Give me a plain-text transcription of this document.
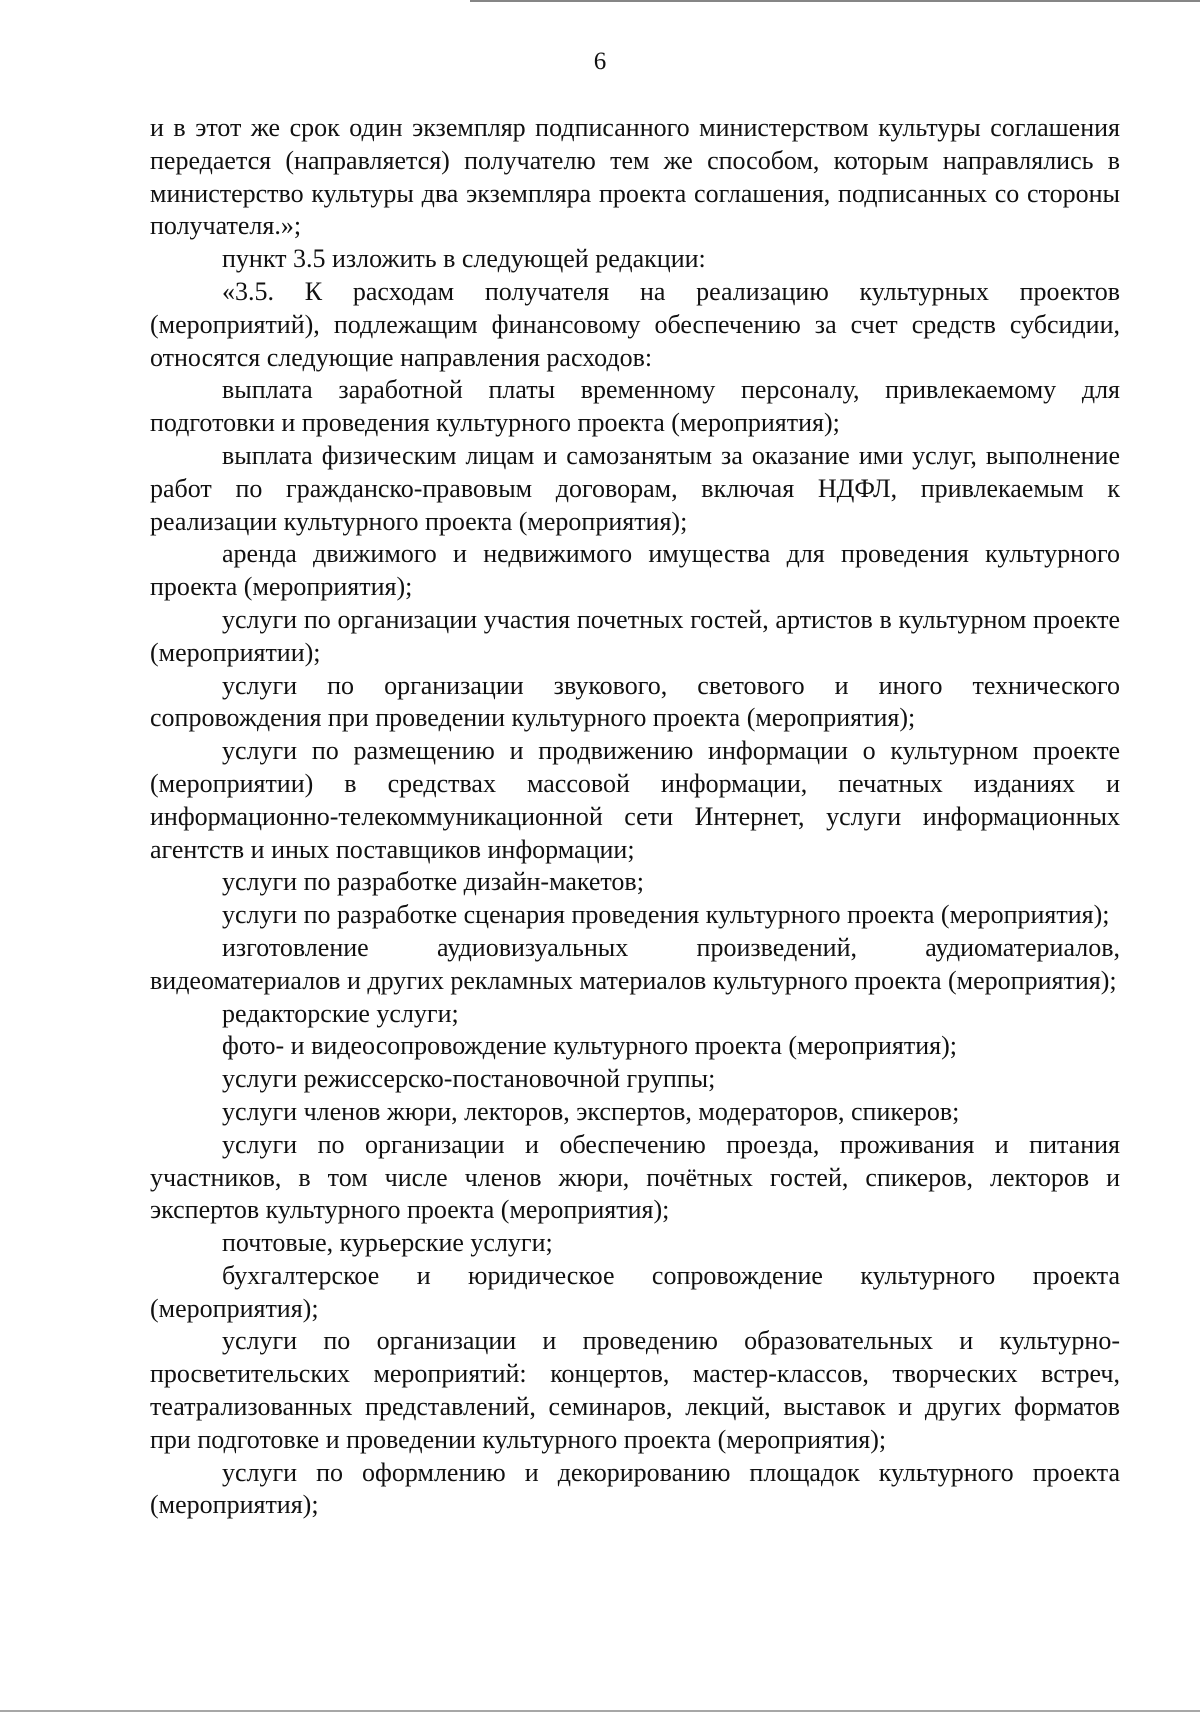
6

и в этот же срок один экземпляр подписанного министерством культуры соглашения передается (направляется) получателю тем же способом, которым направлялись в министерство культуры два экземпляра проекта соглашения, подписанных со стороны получателя.»;

пункт 3.5 изложить в следующей редакции:

«3.5. К расходам получателя на реализацию культурных проектов (мероприятий), подлежащим финансовому обеспечению за счет средств субсидии, относятся следующие направления расходов:

выплата заработной платы временному персоналу, привлекаемому для подготовки и проведения культурного проекта (мероприятия);

выплата физическим лицам и самозанятым за оказание ими услуг, выполнение работ по гражданско-правовым договорам, включая НДФЛ, привлекаемым к реализации культурного проекта (мероприятия);

аренда движимого и недвижимого имущества для проведения культурного проекта (мероприятия);

услуги по организации участия почетных гостей, артистов в культурном проекте (мероприятии);

услуги по организации звукового, светового и иного технического сопровождения при проведении культурного проекта (мероприятия);

услуги по размещению и продвижению информации о культурном проекте (мероприятии) в средствах массовой информации, печатных изданиях и информационно-телекоммуникационной сети Интернет, услуги информационных агентств и иных поставщиков информации;

услуги по разработке дизайн-макетов;

услуги по разработке сценария проведения культурного проекта (мероприятия);

изготовление аудиовизуальных произведений, аудиоматериалов, видеоматериалов и других рекламных материалов культурного проекта (мероприятия);

редакторские услуги;

фото- и видеосопровождение культурного проекта (мероприятия);

услуги режиссерско-постановочной группы;

услуги членов жюри, лекторов, экспертов, модераторов, спикеров;

услуги по организации и обеспечению проезда, проживания и питания участников, в том числе членов жюри, почётных гостей, спикеров, лекторов и экспертов культурного проекта (мероприятия);

почтовые, курьерские услуги;

бухгалтерское и юридическое сопровождение культурного проекта (мероприятия);

услуги по организации и проведению образовательных и культурно-просветительских мероприятий: концертов, мастер-классов, творческих встреч, театрализованных представлений, семинаров, лекций, выставок и других форматов при подготовке и проведении культурного проекта (мероприятия);

услуги по оформлению и декорированию площадок культурного проекта (мероприятия);
